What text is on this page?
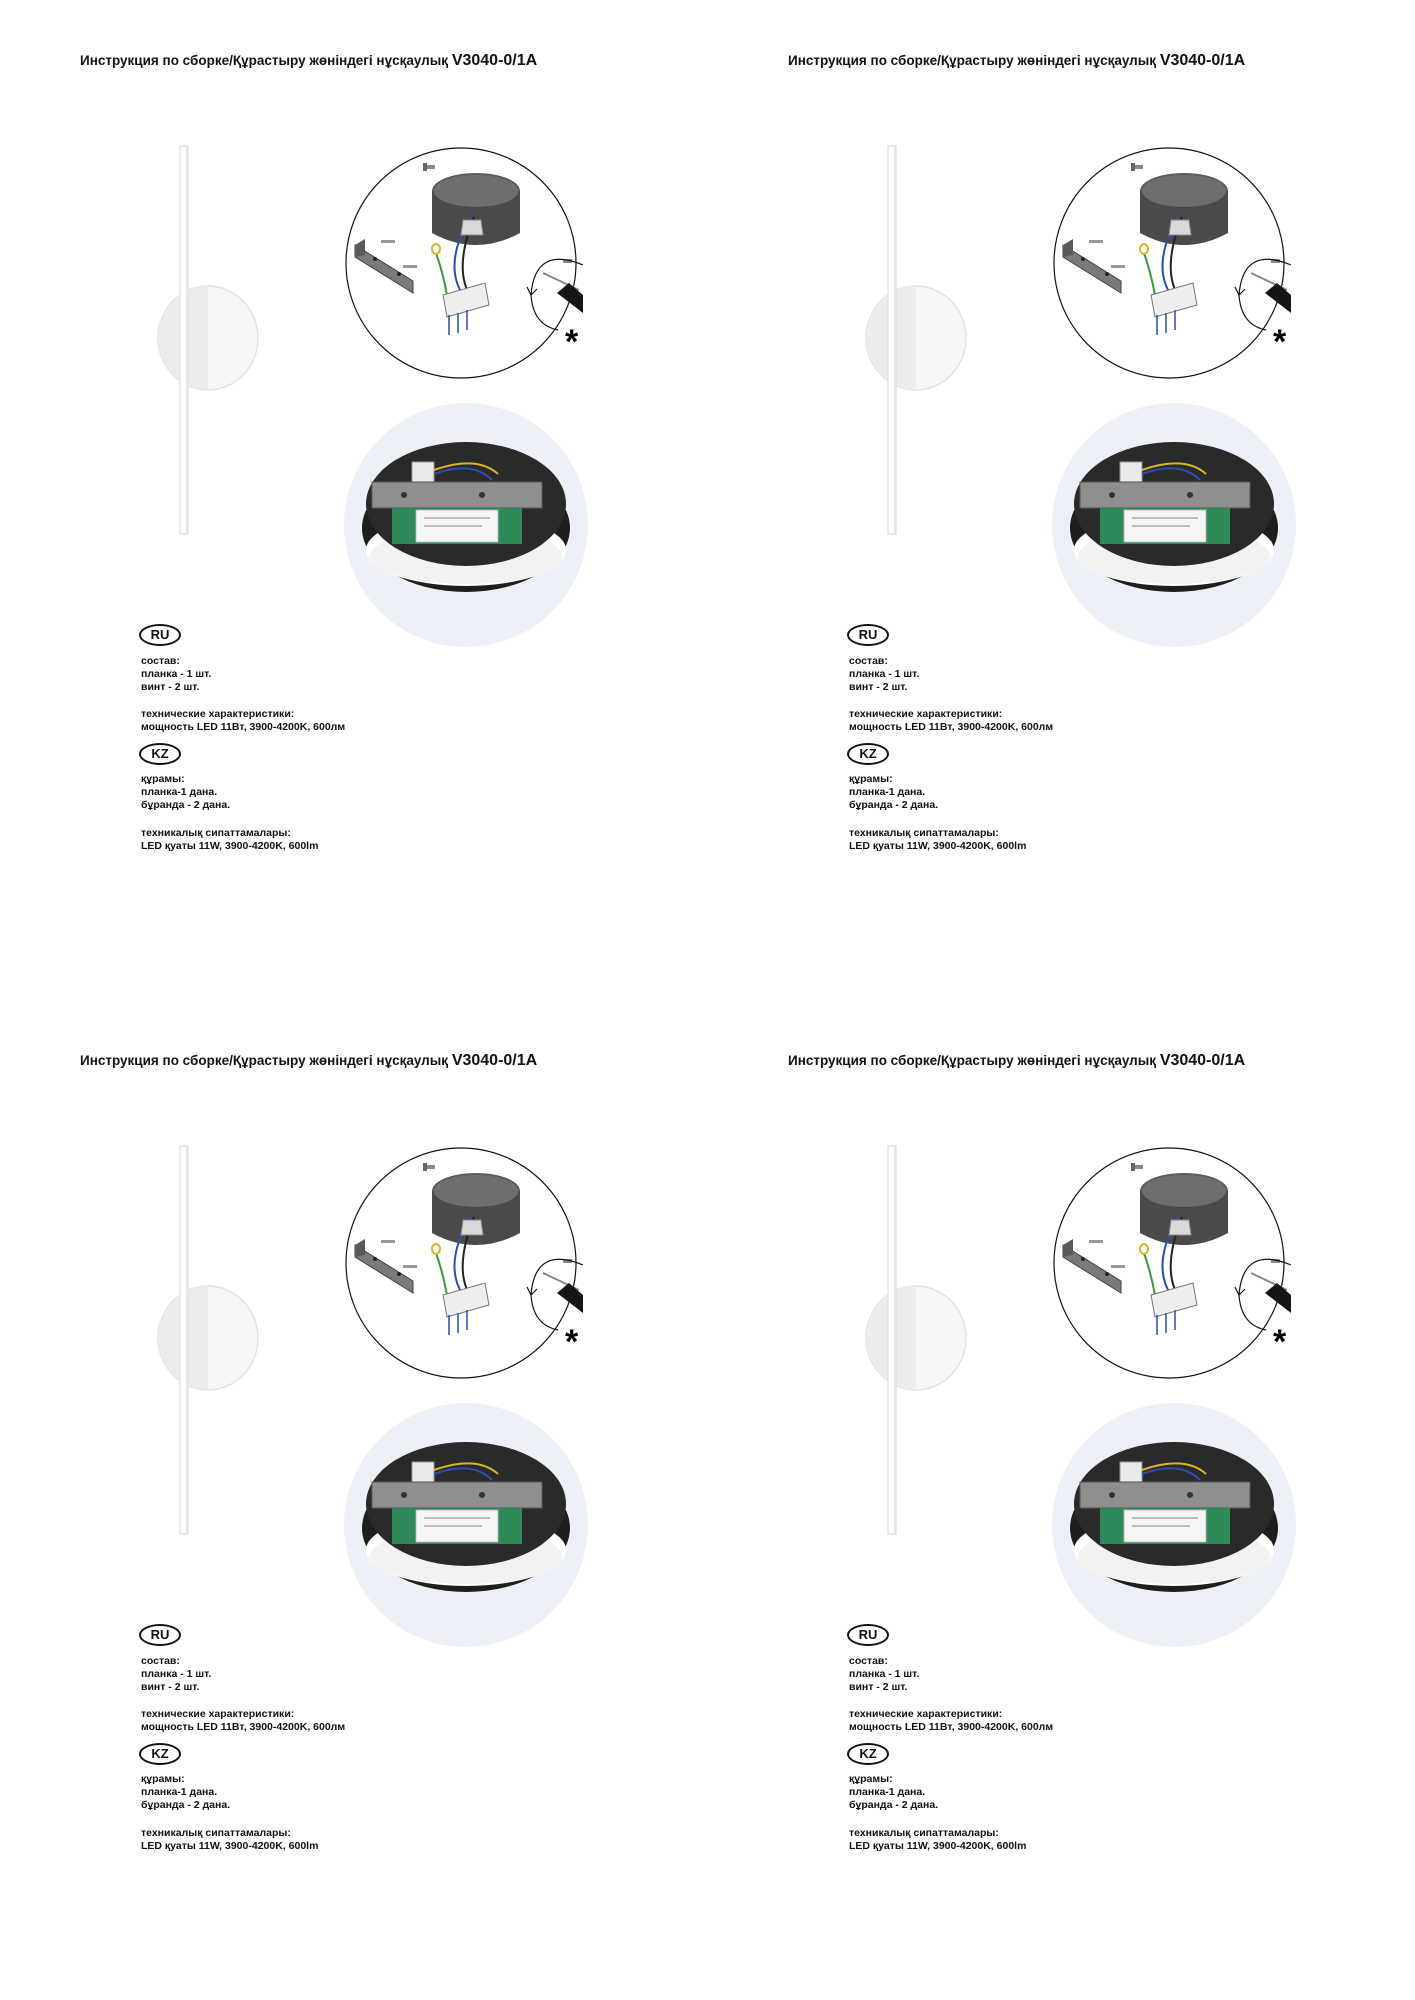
Инструкция по сборке/Құрастыру жөніндегі нұсқаулық V3040-0/1A
*
RU
состав:
планка - 1 шт.
винт - 2 шт.
технические характеристики:
мощность LED 11Вт, 3900-4200K, 600лм
KZ
құрамы:
планка-1 дана.
бұранда - 2 дана.
техникалық сипаттамалары:
LED қуаты 11W, 3900-4200K, 600lm
Инструкция по сборке/Құрастыру жөніндегі нұсқаулық V3040-0/1A
*
RU
состав:
планка - 1 шт.
винт - 2 шт.
технические характеристики:
мощность LED 11Вт, 3900-4200K, 600лм
KZ
құрамы:
планка-1 дана.
бұранда - 2 дана.
техникалық сипаттамалары:
LED қуаты 11W, 3900-4200K, 600lm
Инструкция по сборке/Құрастыру жөніндегі нұсқаулық V3040-0/1A
*
RU
состав:
планка - 1 шт.
винт - 2 шт.
технические характеристики:
мощность LED 11Вт, 3900-4200K, 600лм
KZ
құрамы:
планка-1 дана.
бұранда - 2 дана.
техникалық сипаттамалары:
LED қуаты 11W, 3900-4200K, 600lm
Инструкция по сборке/Құрастыру жөніндегі нұсқаулық V3040-0/1A
*
RU
состав:
планка - 1 шт.
винт - 2 шт.
технические характеристики:
мощность LED 11Вт, 3900-4200K, 600лм
KZ
құрамы:
планка-1 дана.
бұранда - 2 дана.
техникалық сипаттамалары:
LED қуаты 11W, 3900-4200K, 600lm
